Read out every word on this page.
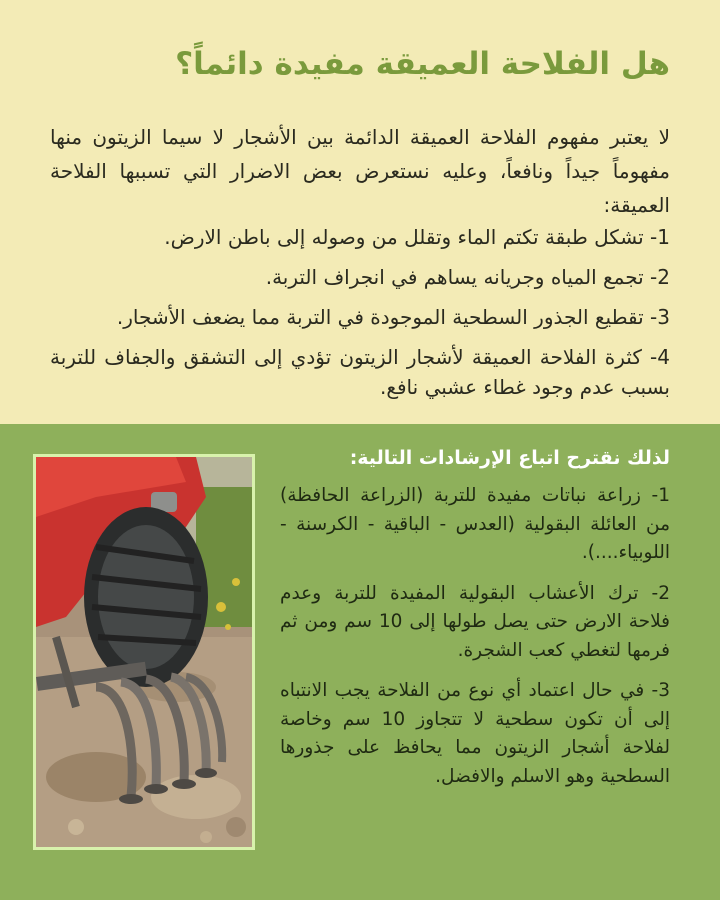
هل الفلاحة العميقة مفيدة دائماً؟

لا يعتبر مفهوم الفلاحة العميقة الدائمة بين الأشجار لا سيما الزيتون منها مفهوماً جيداً ونافعاً، وعليه نستعرض بعض الاضرار التي تسببها الفلاحة العميقة:

1- تشكل طبقة تكتم الماء وتقلل من وصوله إلى باطن الارض.
2- تجمع المياه وجريانه يساهم في انجراف التربة.
3- تقطيع الجذور السطحية الموجودة في التربة مما يضعف الأشجار.
4- كثرة الفلاحة العميقة لأشجار الزيتون تؤدي إلى التشقق والجفاف للتربة بسبب عدم وجود غطاء عشبي نافع.
لذلك نقترح اتباع الإرشادات التالية:
1- زراعة نباتات مفيدة للتربة (الزراعة الحافظة) من العائلة البقولية (العدس - الباقية - الكرسنة - اللوبياء....).
2- ترك الأعشاب البقولية المفيدة للتربة وعدم فلاحة الارض حتى يصل طولها إلى 10 سم ومن ثم فرمها لتغطي كعب الشجرة.
3- في حال اعتماد أي نوع من الفلاحة يجب الانتباه إلى أن تكون سطحية لا تتجاوز 10 سم وخاصة لفلاحة أشجار الزيتون مما يحافظ على جذورها السطحية وهو الاسلم والافضل.
